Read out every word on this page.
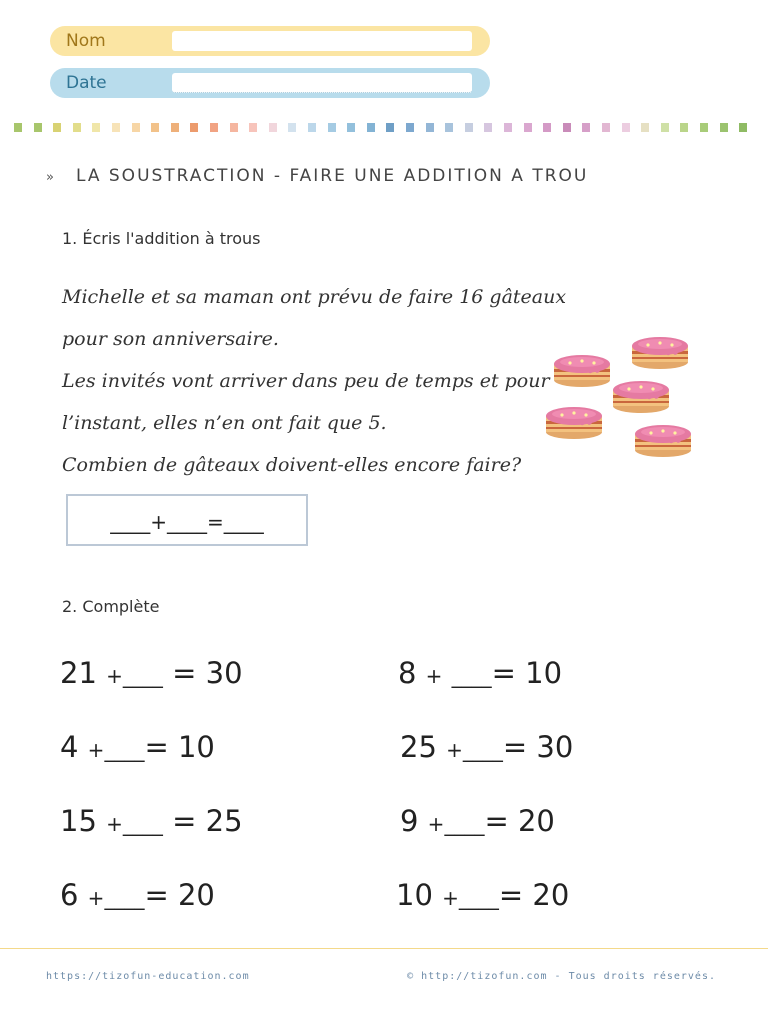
Nom
Date
» LA SOUSTRACTION - FAIRE UNE ADDITION A TROU
1. Écris l'addition à trous
Michelle et sa maman ont prévu de faire 16 gâteaux
pour son anniversaire.
Les invités vont arriver dans peu de temps et pour
l’instant, elles n’en ont fait que 5.
Combien de gâteaux doivent-elles encore faire?
____+____=____
2. Complète
21 +____ = 30	8 + ____= 10
4 +____= 10	25 +____= 30
15 +____ = 25	9 +____= 20
6 +____= 20	10 +____= 20
https://tizofun-education.com	© http://tizofun.com - Tous droits réservés.
